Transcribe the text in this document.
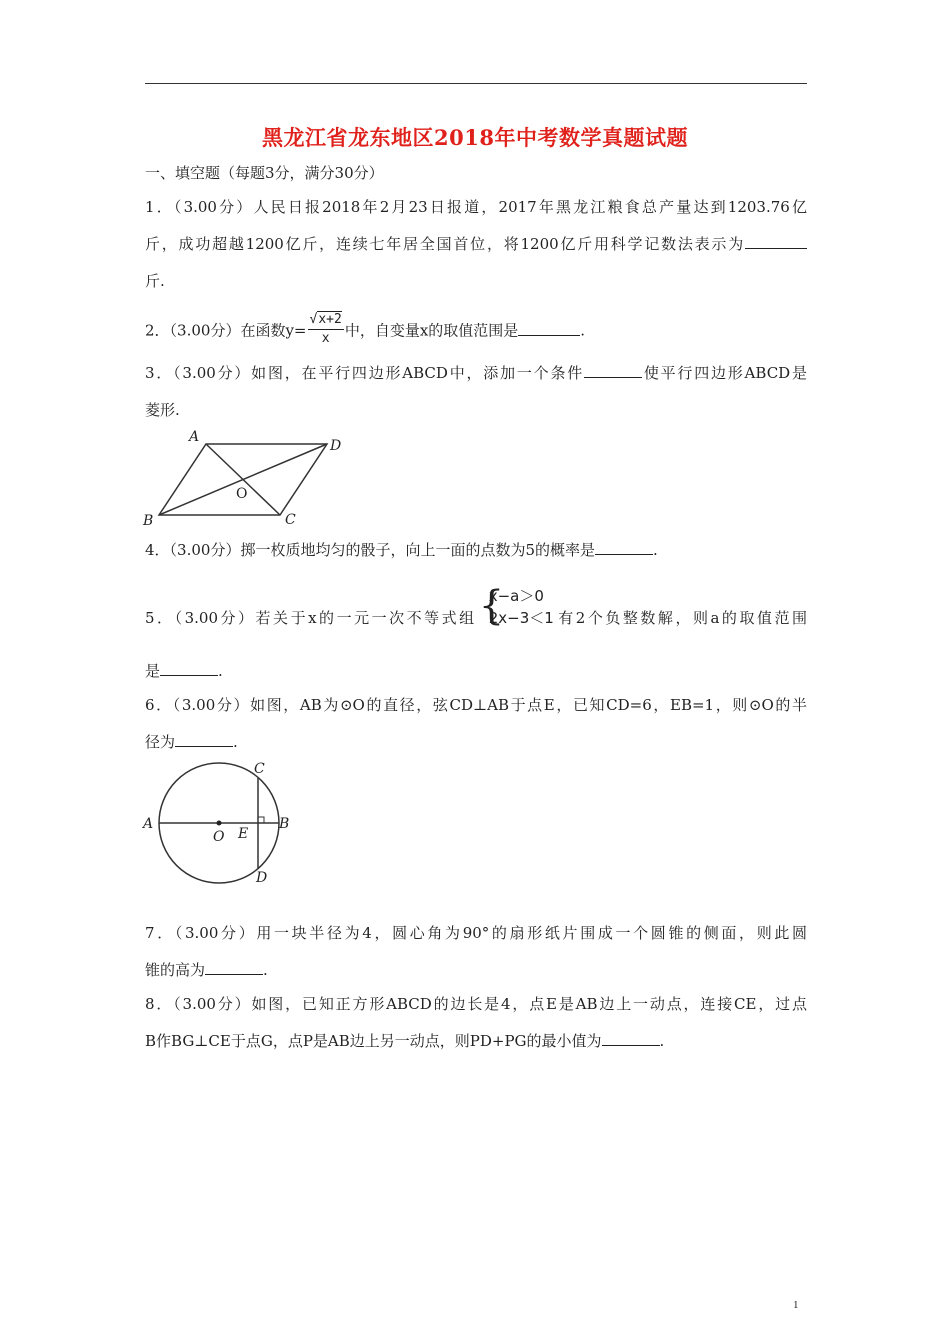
黑龙江省龙东地区2018年中考数学真题试题
一、填空题（每题3分，满分30分）
1．（3.00分）人民日报2018年2月23日报道，2017年黑龙江粮食总产量达到1203.76亿
斤，成功超越1200亿斤，连续七年居全国首位，将1200亿斤用科学记数法表示为
斤.
2．（3.00分）在函数$y= \frac{√x+2}{x}$ 中，自变量x的取值范围是	.
3．（3.00分）如图，在平行四边形ABCD中，添加一个条件	使平行四边形ABCD是
菱形.
A
D
B	C
O
4．（3.00分）掷一枚质地均匀的骰子，向上一面的点数为5的概率是	.
5．（3.00分）若关于x的一元一次不等式组 {
x−a＞0
2x−3＜1 有2个负整数解，则a的取值范围
是	.
6．（3.00分）如图，AB为⊙O的直径，弦CD⊥AB于点E，已知CD=6，EB=1，则⊙O的半
径为	.
A	B
C
D
E
O
7．（3.00分）用一块半径为4，圆心角为90°的扇形纸片围成一个圆锥的侧面，则此圆
锥的高为	.
8．（3.00分）如图，已知正方形ABCD的边长是4，点E是AB边上一动点，连接CE，过点
B作BG⊥CE于点G，点P是AB边上另一动点，则PD+PG的最小值为	.
1
